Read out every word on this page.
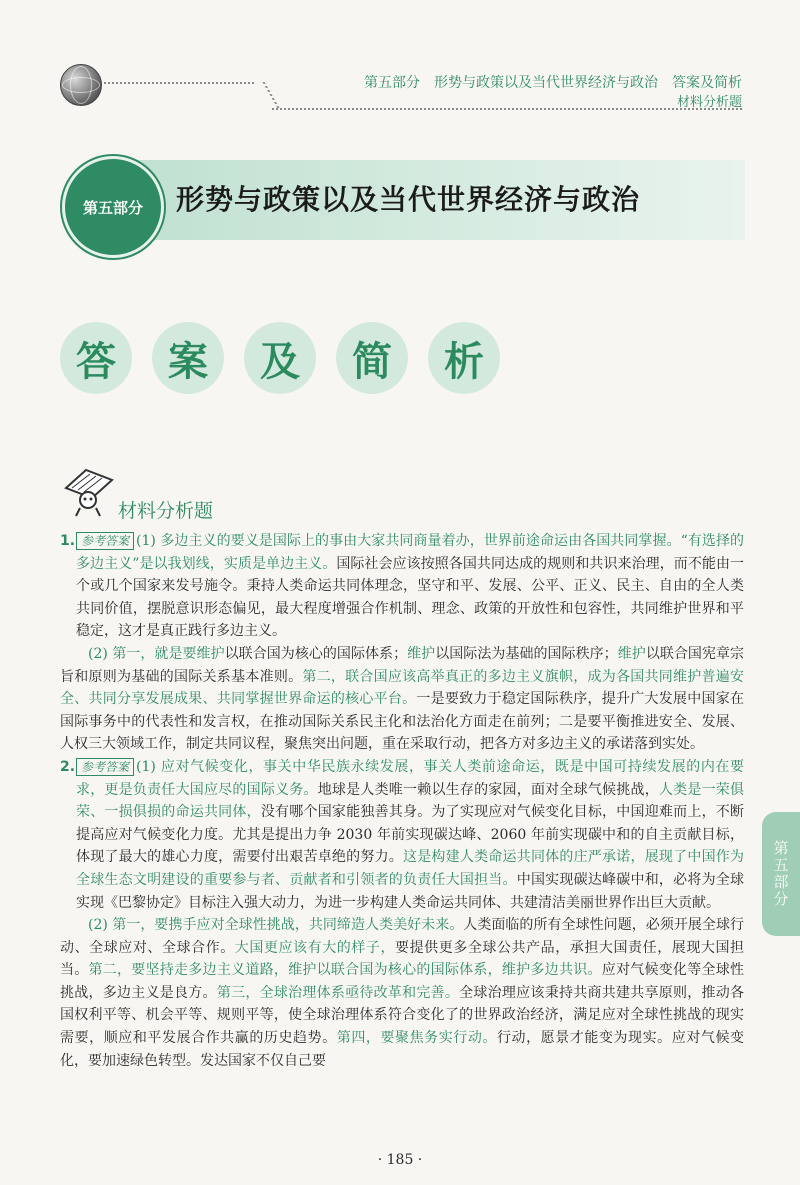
第五部分　形势与政策以及当代世界经济与政治　答案及简析
材料分析题
第五部分	形势与政策以及当代世界经济与政治
答	案	及	简	析
材料分析题

1. 参考答案 (1) 多边主义的要义是国际上的事由大家共同商量着办，世界前途命运由各国共同掌握。“有选择的多边主义”是以我划线，实质是单边主义。国际社会应该按照各国共同达成的规则和共识来治理，而不能由一个或几个国家来发号施令。秉持人类命运共同体理念，坚守和平、发展、公平、正义、民主、自由的全人类共同价值，摆脱意识形态偏见，最大程度增强合作机制、理念、政策的开放性和包容性，共同维护世界和平稳定，这才是真正践行多边主义。

(2) 第一，就是要维护以联合国为核心的国际体系；维护以国际法为基础的国际秩序；维护以联合国宪章宗旨和原则为基础的国际关系基本准则。第二，联合国应该高举真正的多边主义旗帜，成为各国共同维护普遍安全、共同分享发展成果、共同掌握世界命运的核心平台。一是要致力于稳定国际秩序，提升广大发展中国家在国际事务中的代表性和发言权，在推动国际关系民主化和法治化方面走在前列；二是要平衡推进安全、发展、人权三大领域工作，制定共同议程，聚焦突出问题，重在采取行动，把各方对多边主义的承诺落到实处。

2. 参考答案 (1) 应对气候变化，事关中华民族永续发展，事关人类前途命运，既是中国可持续发展的内在要求，更是负责任大国应尽的国际义务。地球是人类唯一赖以生存的家园，面对全球气候挑战，人类是一荣俱荣、一损俱损的命运共同体，没有哪个国家能独善其身。为了实现应对气候变化目标，中国迎难而上，不断提高应对气候变化力度。尤其是提出力争 2030 年前实现碳达峰、2060 年前实现碳中和的自主贡献目标，体现了最大的雄心力度，需要付出艰苦卓绝的努力。这是构建人类命运共同体的庄严承诺，展现了中国作为全球生态文明建设的重要参与者、贡献者和引领者的负责任大国担当。中国实现碳达峰碳中和，必将为全球实现《巴黎协定》目标注入强大动力，为进一步构建人类命运共同体、共建清洁美丽世界作出巨大贡献。

(2) 第一，要携手应对全球性挑战，共同缔造人类美好未来。人类面临的所有全球性问题，必须开展全球行动、全球应对、全球合作。大国更应该有大的样子，要提供更多全球公共产品，承担大国责任，展现大国担当。第二，要坚持走多边主义道路，维护以联合国为核心的国际体系，维护多边共识。应对气候变化等全球性挑战，多边主义是良方。第三，全球治理体系亟待改革和完善。全球治理应该秉持共商共建共享原则，推动各国权利平等、机会平等、规则平等，使全球治理体系符合变化了的世界政治经济，满足应对全球性挑战的现实需要，顺应和平发展合作共赢的历史趋势。第四，要聚焦务实行动。行动，愿景才能变为现实。应对气候变化，要加速绿色转型。发达国家不仅自己要

第五部分
· 185 ·
